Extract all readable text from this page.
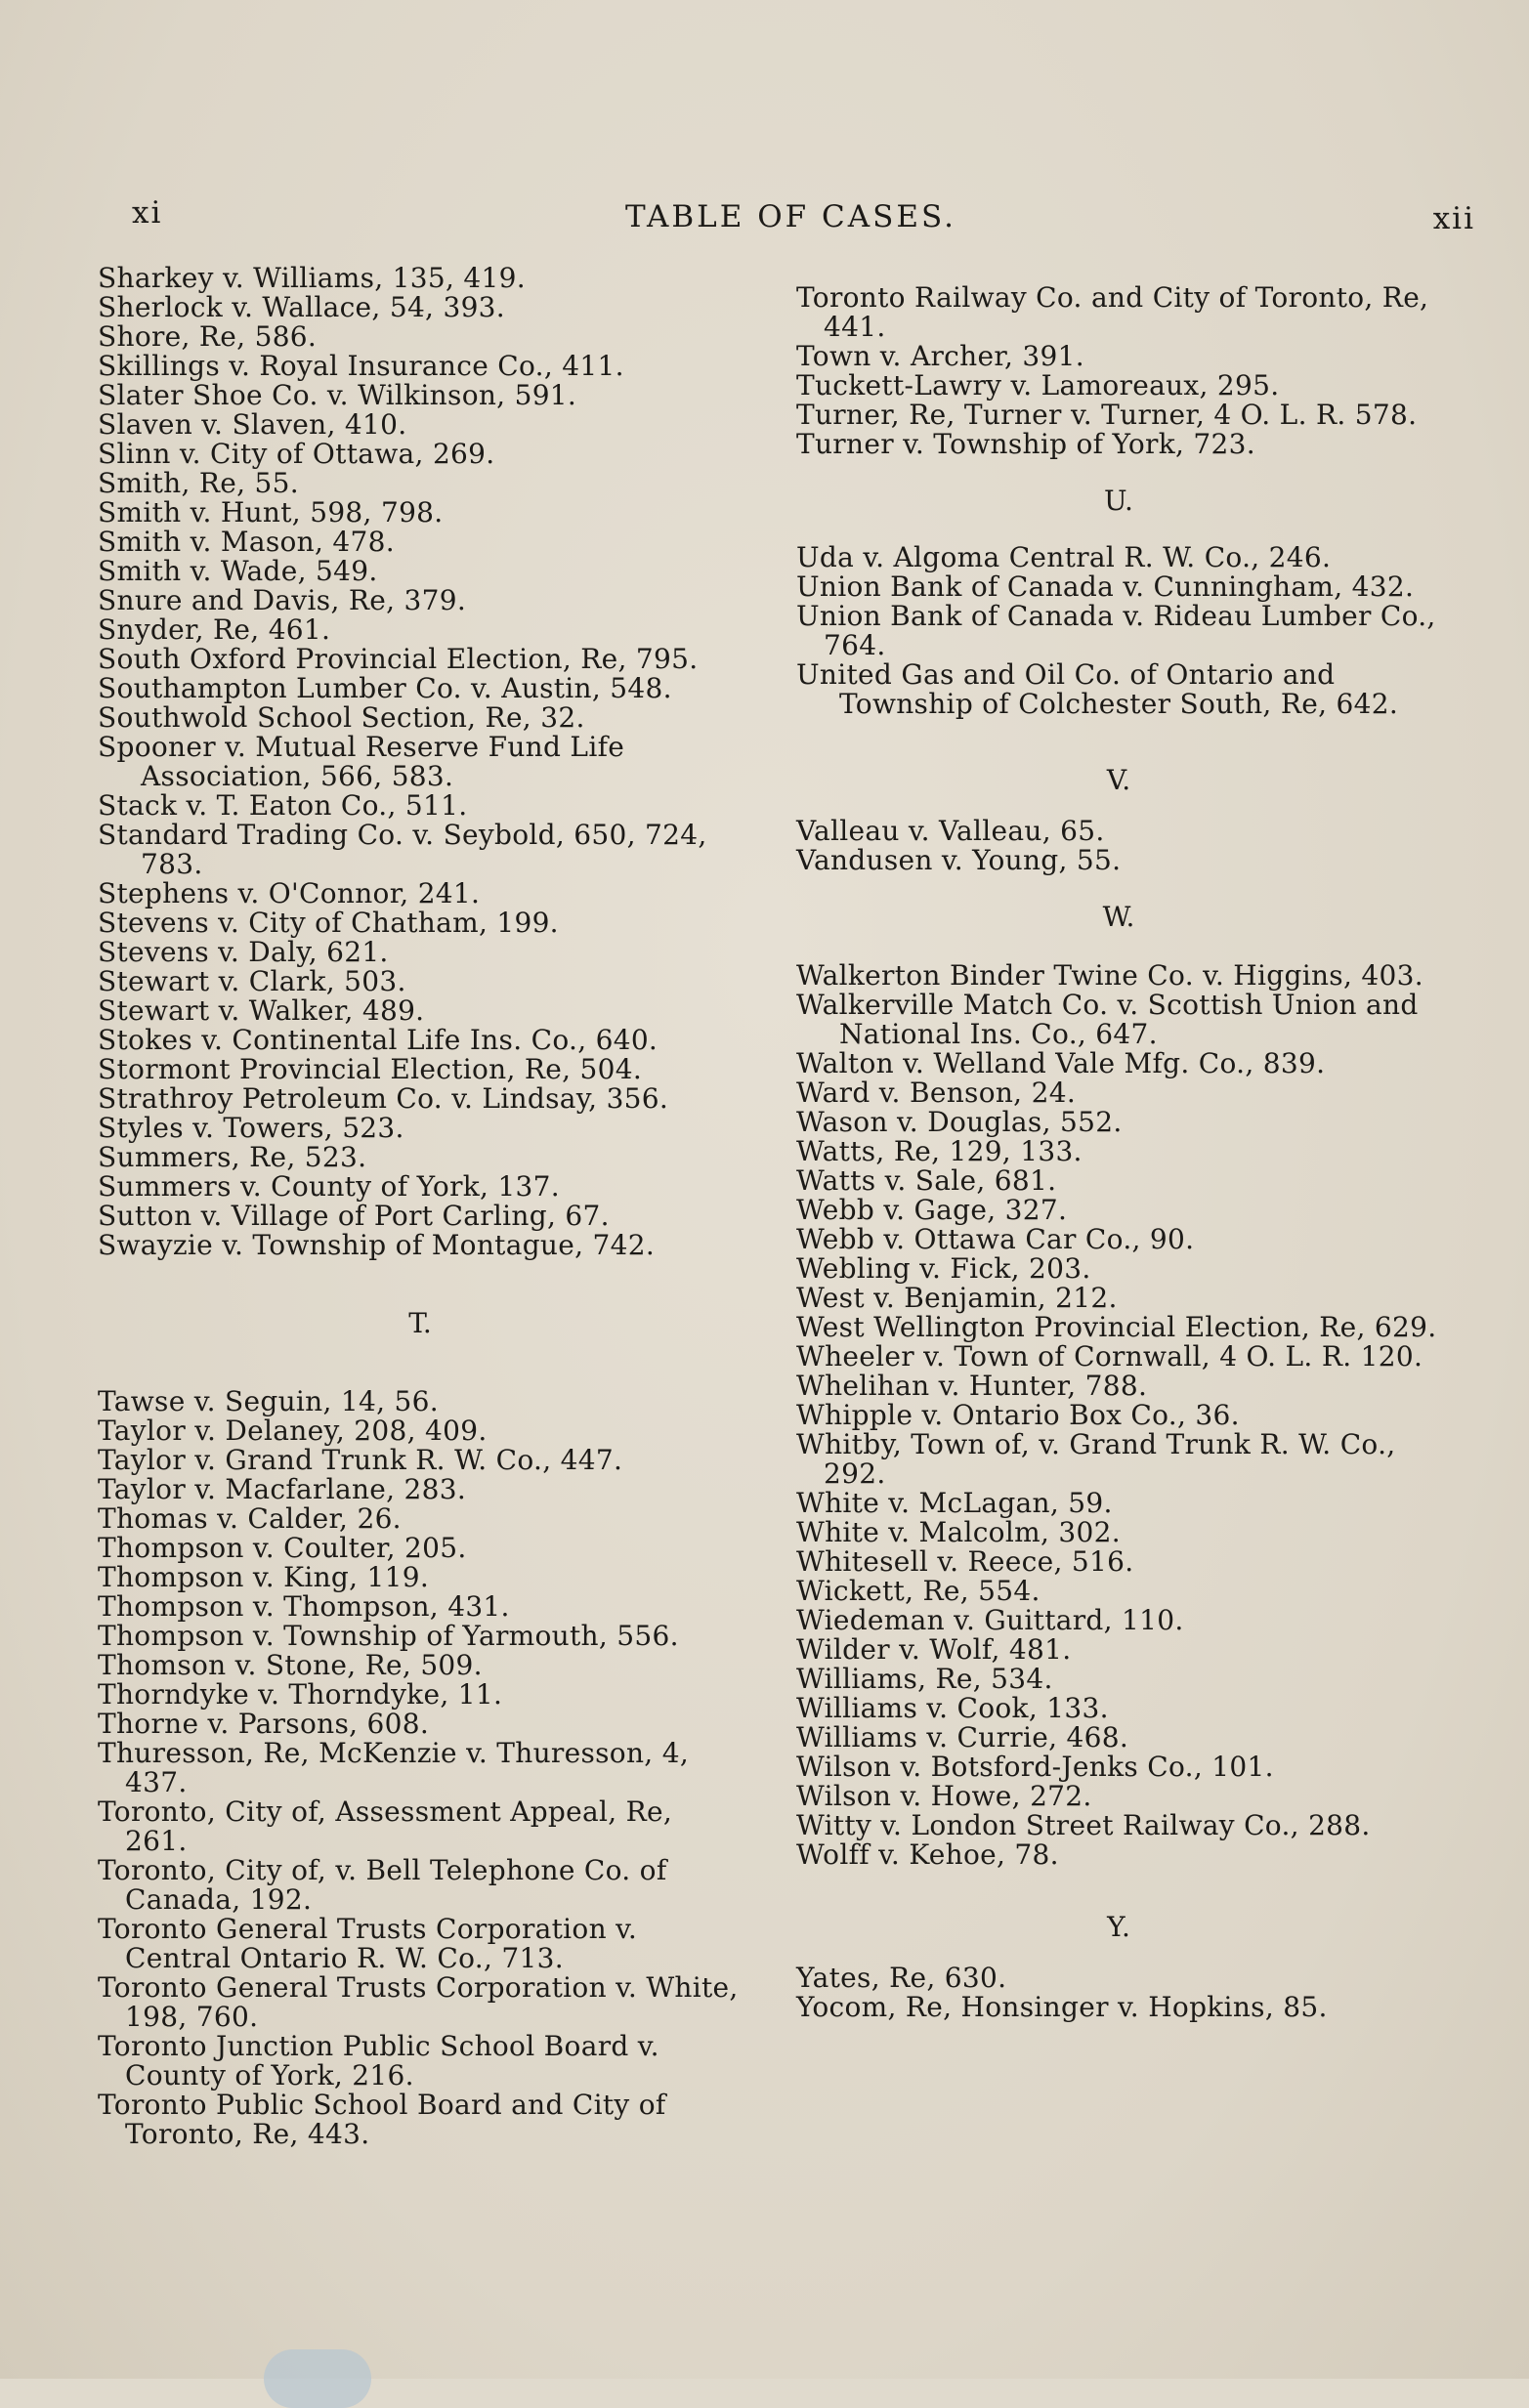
xi	TABLE OF CASES.	xii
Sharkey v. Williams, 135, 419.
Sherlock v. Wallace, 54, 393.
Shore, Re, 586.
Skillings v. Royal Insurance Co., 411.
Slater Shoe Co. v. Wilkinson, 591.
Slaven v. Slaven, 410.
Slinn v. City of Ottawa, 269.
Smith, Re, 55.
Smith v. Hunt, 598, 798.
Smith v. Mason, 478.
Smith v. Wade, 549.
Snure and Davis, Re, 379.
Snyder, Re, 461.
South Oxford Provincial Election, Re, 795.
Southampton Lumber Co. v. Austin, 548.
Southwold School Section, Re, 32.
Spooner v. Mutual Reserve Fund Life Association, 566, 583.
Stack v. T. Eaton Co., 511.
Standard Trading Co. v. Seybold, 650, 724, 783.
Stephens v. O'Connor, 241.
Stevens v. City of Chatham, 199.
Stevens v. Daly, 621.
Stewart v. Clark, 503.
Stewart v. Walker, 489.
Stokes v. Continental Life Ins. Co., 640.
Stormont Provincial Election, Re, 504.
Strathroy Petroleum Co. v. Lindsay, 356.
Styles v. Towers, 523.
Summers, Re, 523.
Summers v. County of York, 137.
Sutton v. Village of Port Carling, 67.
Swayzie v. Township of Montague, 742.
T.
Tawse v. Seguin, 14, 56.
Taylor v. Delaney, 208, 409.
Taylor v. Grand Trunk R. W. Co., 447.
Taylor v. Macfarlane, 283.
Thomas v. Calder, 26.
Thompson v. Coulter, 205.
Thompson v. King, 119.
Thompson v. Thompson, 431.
Thompson v. Township of Yarmouth, 556.
Thomson v. Stone, Re, 509.
Thorndyke v. Thorndyke, 11.
Thorne v. Parsons, 608.
Thuresson, Re, McKenzie v. Thuresson, 4, 437.
Toronto, City of, Assessment Appeal, Re, 261.
Toronto, City of, v. Bell Telephone Co. of Canada, 192.
Toronto General Trusts Corporation v. Central Ontario R. W. Co., 713.
Toronto General Trusts Corporation v. White, 198, 760.
Toronto Junction Public School Board v. County of York, 216.
Toronto Public School Board and City of Toronto, Re, 443.
Toronto Railway Co. and City of Toronto, Re, 441.
Town v. Archer, 391.
Tuckett-Lawry v. Lamoreaux, 295.
Turner, Re, Turner v. Turner, 4 O. L. R. 578.
Turner v. Township of York, 723.
U.
Uda v. Algoma Central R. W. Co., 246.
Union Bank of Canada v. Cunningham, 432.
Union Bank of Canada v. Rideau Lumber Co., 764.
United Gas and Oil Co. of Ontario and Township of Colchester South, Re, 642.
V.
Valleau v. Valleau, 65.
Vandusen v. Young, 55.
W.
Walkerton Binder Twine Co. v. Higgins, 403.
Walkerville Match Co. v. Scottish Union and National Ins. Co., 647.
Walton v. Welland Vale Mfg. Co., 839.
Ward v. Benson, 24.
Wason v. Douglas, 552.
Watts, Re, 129, 133.
Watts v. Sale, 681.
Webb v. Gage, 327.
Webb v. Ottawa Car Co., 90.
Webling v. Fick, 203.
West v. Benjamin, 212.
West Wellington Provincial Election, Re, 629.
Wheeler v. Town of Cornwall, 4 O. L. R. 120.
Whelihan v. Hunter, 788.
Whipple v. Ontario Box Co., 36.
Whitby, Town of, v. Grand Trunk R. W. Co., 292.
White v. McLagan, 59.
White v. Malcolm, 302.
Whitesell v. Reece, 516.
Wickett, Re, 554.
Wiedeman v. Guittard, 110.
Wilder v. Wolf, 481.
Williams, Re, 534.
Williams v. Cook, 133.
Williams v. Currie, 468.
Wilson v. Botsford-Jenks Co., 101.
Wilson v. Howe, 272.
Witty v. London Street Railway Co., 288.
Wolff v. Kehoe, 78.
Y.
Yates, Re, 630.
Yocom, Re, Honsinger v. Hopkins, 85.
